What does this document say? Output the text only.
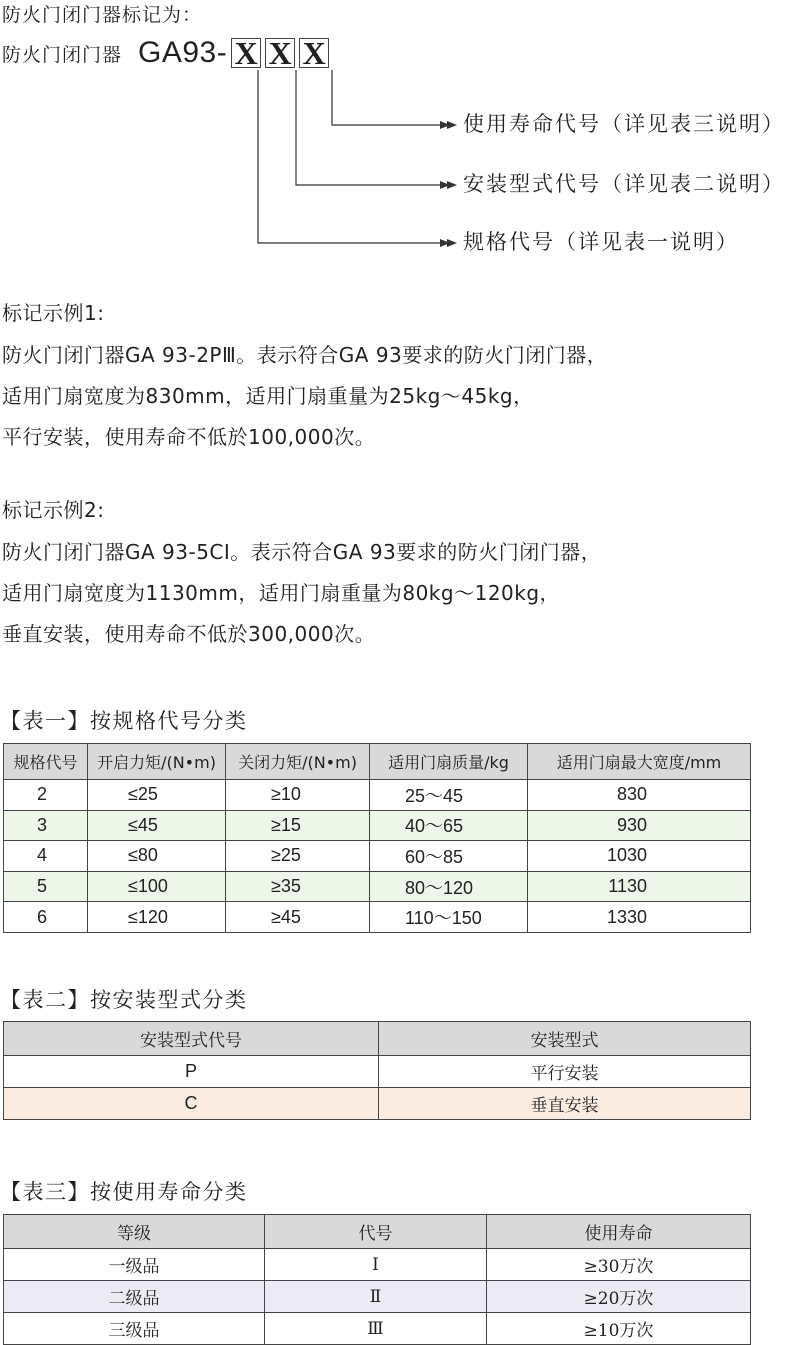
防火门闭门器标记为：
防火门闭门器 GA93- X X X
使用寿命代号（详见表三说明）
安装型式代号（详见表二说明）
规格代号（详见表一说明）
标记示例1:
防火门闭门器GA 93-2PⅢ。表示符合GA 93要求的防火门闭门器，
适用门扇宽度为830mm，适用门扇重量为25kg～45kg，
平行安装，使用寿命不低於100,000次。
标记示例2:
防火门闭门器GA 93-5CⅠ。表示符合GA 93要求的防火门闭门器，
适用门扇宽度为1130mm，适用门扇重量为80kg～120kg，
垂直安装，使用寿命不低於300,000次。
【表一】按规格代号分类
规格代号	开启力矩/(N•m)	关闭力矩/(N•m)	适用门扇质量/kg	适用门扇最大宽度/mm
2	≤25	≥10	25～45	830
3	≤45	≥15	40～65	930
4	≤80	≥25	60～85	1030
5	≤100	≥35	80～120	1130
6	≤120	≥45	110～150	1330
【表二】按安装型式分类
安装型式代号	安装型式
P	平行安装
C	垂直安装
【表三】按使用寿命分类
等级	代号	使用寿命
一级品	Ⅰ	≥30万次
二级品	Ⅱ	≥20万次
三级品	Ⅲ	≥10万次
